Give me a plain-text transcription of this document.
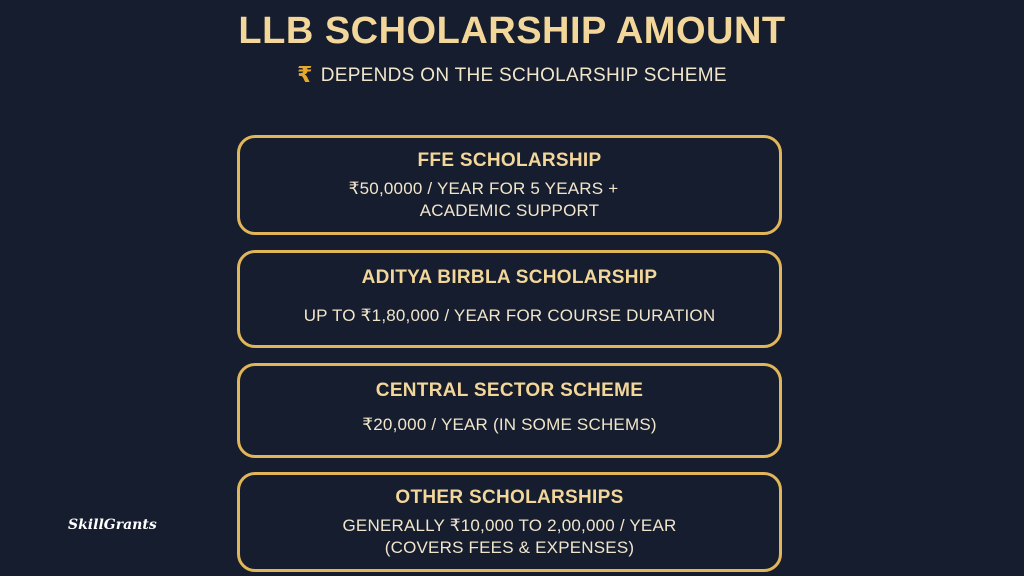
LLB SCHOLARSHIP AMOUNT
₹ DEPENDS ON THE SCHOLARSHIP SCHEME
FFE SCHOLARSHIP
₹50,0000 / YEAR FOR 5 YEARS +
ACADEMIC SUPPORT
ADITYA BIRBLA SCHOLARSHIP
UP TO ₹1,80,000 / YEAR FOR COURSE DURATION
CENTRAL SECTOR SCHEME
₹20,000 / YEAR (IN SOME SCHEMS)
OTHER SCHOLARSHIPS
GENERALLY ₹10,000 TO 2,00,000 / YEAR
(COVERS FEES & EXPENSES)
SkillGrants
